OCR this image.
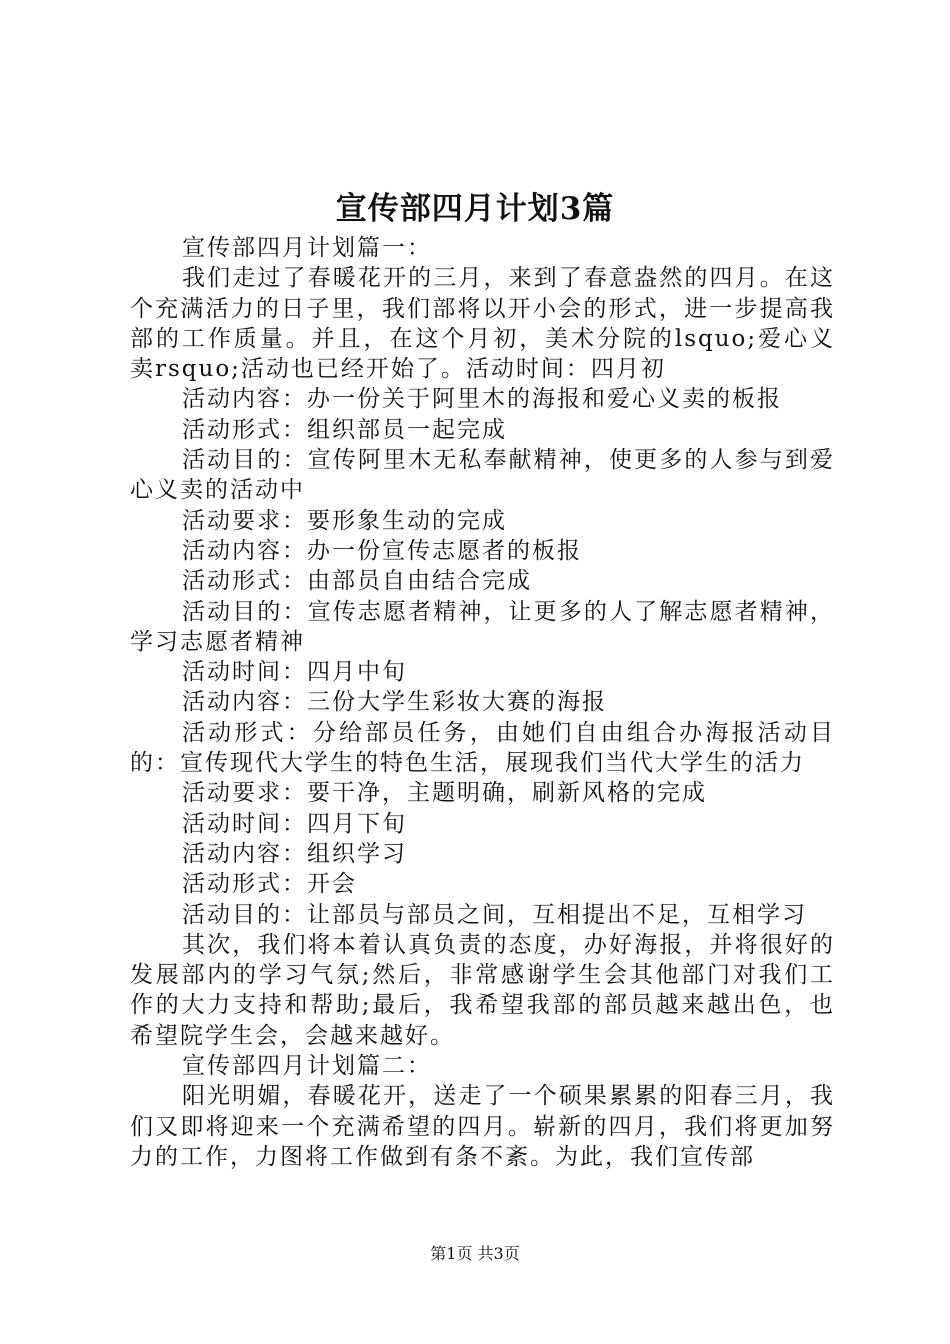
宣传部四月计划3篇

宣传部四月计划篇一：

我们走过了春暖花开的三月，来到了春意盎然的四月。在这个充满活力的日子里，我们部将以开小会的形式，进一步提高我部的工作质量。并且，在这个月初，美术分院的lsquo;爱心义卖rsquo;活动也已经开始了。活动时间：四月初

活动内容：办一份关于阿里木的海报和爱心义卖的板报

活动形式：组织部员一起完成

活动目的：宣传阿里木无私奉献精神，使更多的人参与到爱心义卖的活动中

活动要求：要形象生动的完成

活动内容：办一份宣传志愿者的板报

活动形式：由部员自由结合完成

活动目的：宣传志愿者精神，让更多的人了解志愿者精神，学习志愿者精神

活动时间：四月中旬

活动内容：三份大学生彩妆大赛的海报

活动形式：分给部员任务，由她们自由组合办海报活动目的：宣传现代大学生的特色生活，展现我们当代大学生的活力

活动要求：要干净，主题明确，刷新风格的完成

活动时间：四月下旬

活动内容：组织学习

活动形式：开会

活动目的：让部员与部员之间，互相提出不足，互相学习

其次，我们将本着认真负责的态度，办好海报，并将很好的发展部内的学习气氛;然后，非常感谢学生会其他部门对我们工作的大力支持和帮助;最后，我希望我部的部员越来越出色，也希望院学生会，会越来越好。

宣传部四月计划篇二：

阳光明媚，春暖花开，送走了一个硕果累累的阳春三月，我们又即将迎来一个充满希望的四月。崭新的四月，我们将更加努力的工作，力图将工作做到有条不紊。为此，我们宣传部

第1页 共3页
